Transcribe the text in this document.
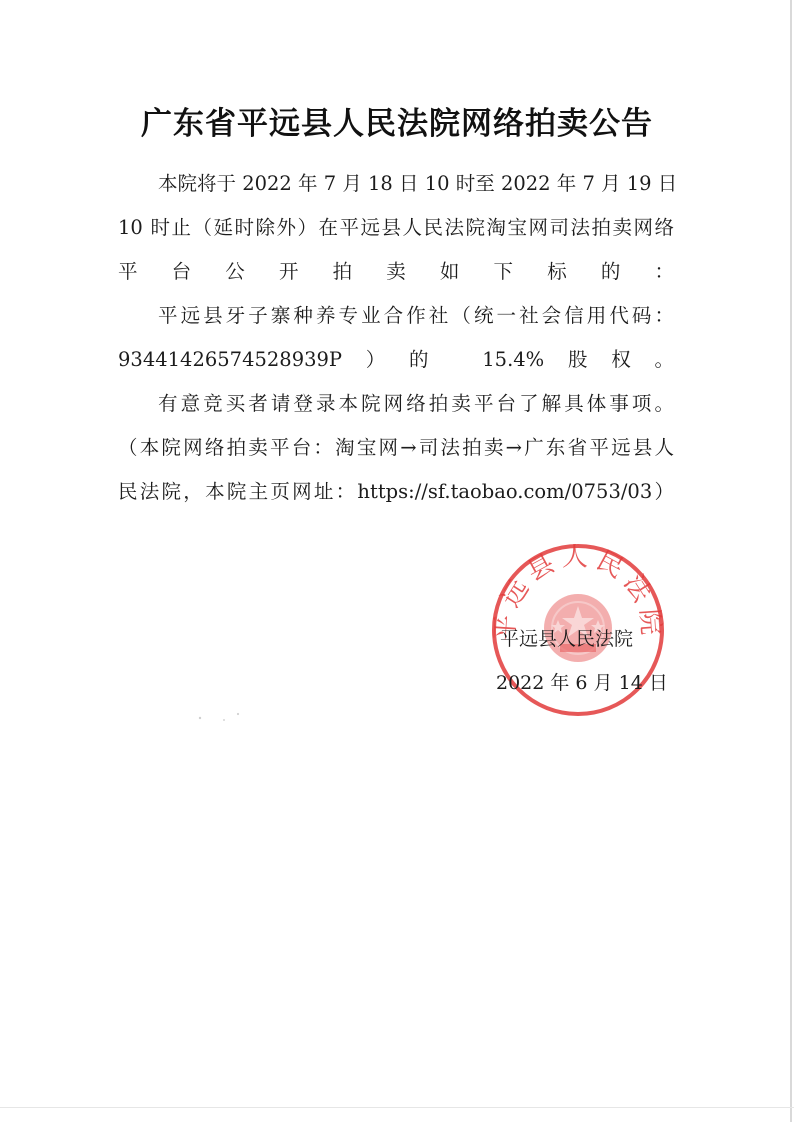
广东省平远县人民法院网络拍卖公告
本院将于 2022 年 7 月 18 日 10 时至 2022 年 7 月 19 日
10 时止（延时除外）在平远县人民法院淘宝网司法拍卖网络
平台公开拍卖如下标的：
平远县牙子寨种养专业合作社（统一社会信用代码：
93441426574528939P）的 15.4%股权。
有意竞买者请登录本院网络拍卖平台了解具体事项。
（本院网络拍卖平台：淘宝网→司法拍卖→广东省平远县人
民法院，本院主页网址：https://sf.taobao.com/0753/03）
平远县人民法院
平远县人民法院
2022 年 6 月 14 日
